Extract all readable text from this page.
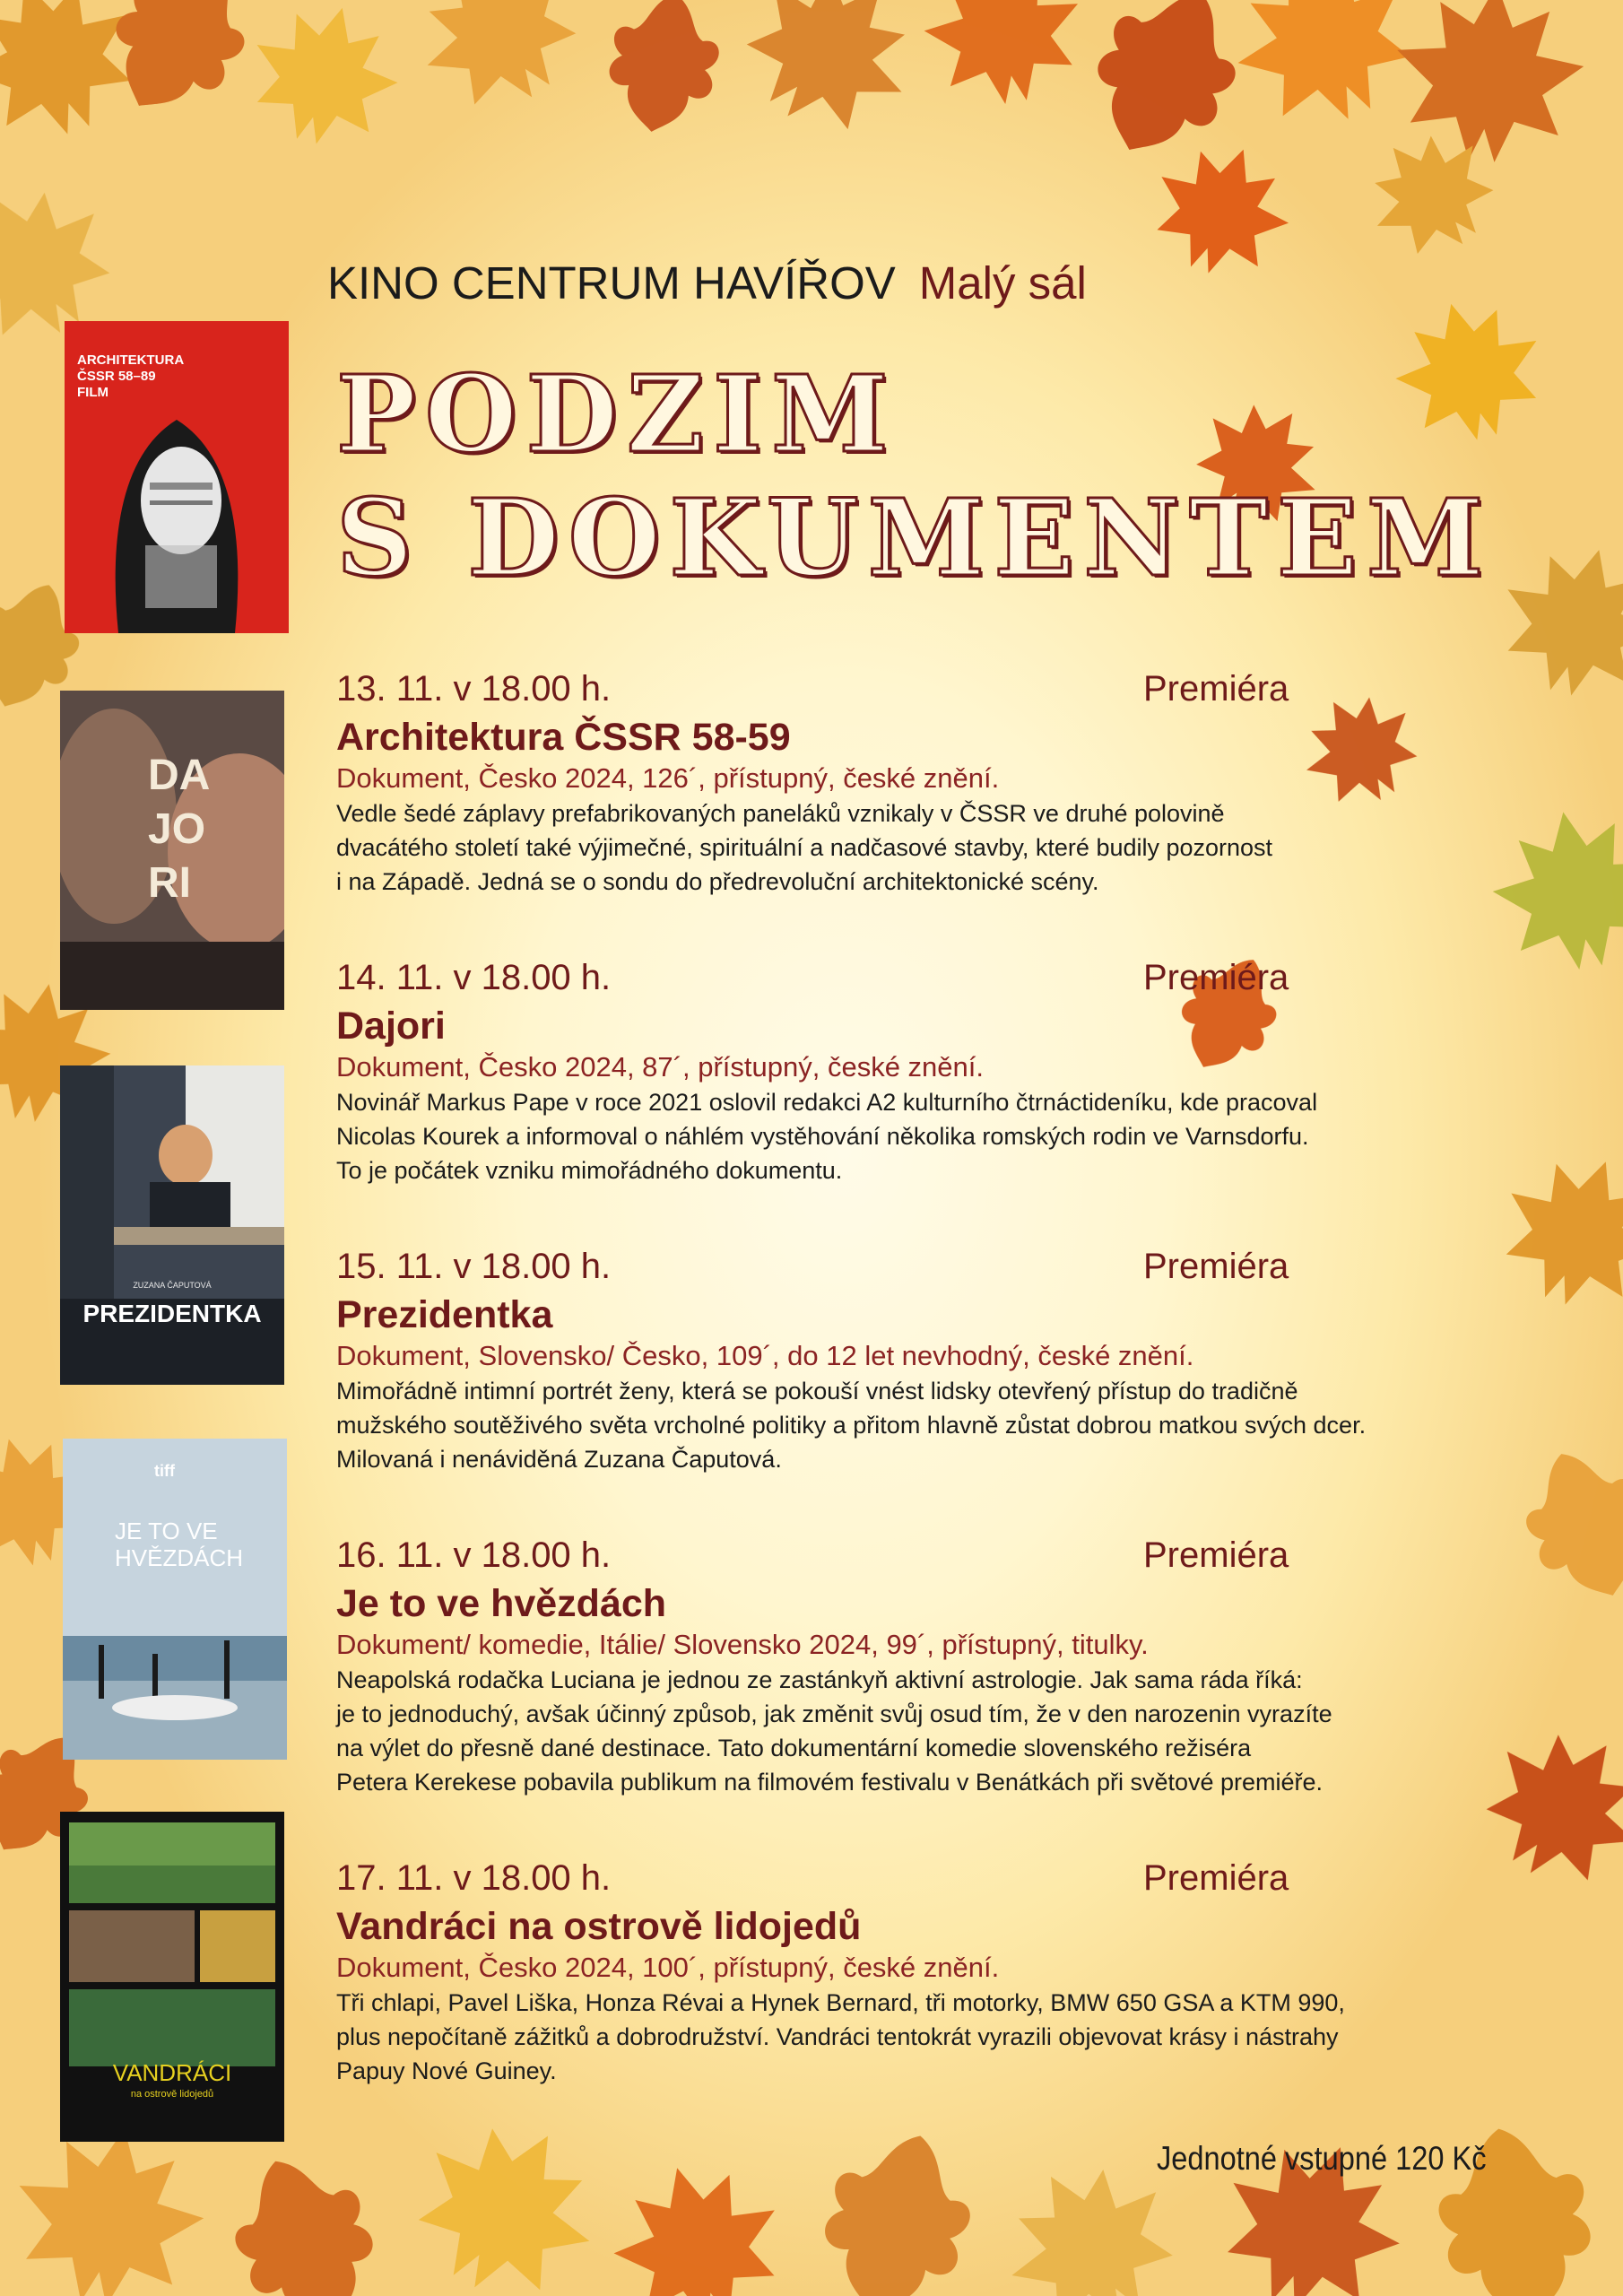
KINO CENTRUM HAVÍŘOV Malý sál
PODZIM
S DOKUMENTEM
ARCHITEKTURA
ČSSR 58–89
FILM
DA
JO
RI
ZUZANA ČAPUTOVÁ
PREZIDENTKA
tiff
JE TO VE
HVĚZDÁCH
VANDRÁCI
na ostrově lidojedů
13. 11. v 18.00 h.	Premiéra
Architektura ČSSR 58-59
Dokument, Česko 2024, 126´, přístupný, české znění.
Vedle šedé záplavy prefabrikovaných paneláků vznikaly v ČSSR ve druhé polovině
dvacátého století také výjimečné, spirituální a nadčasové stavby, které budily pozornost
i na Západě. Jedná se o sondu do předrevoluční architektonické scény.
14. 11. v 18.00 h.	Premiéra
Dajori
Dokument, Česko 2024, 87´, přístupný, české znění.
Novinář Markus Pape v roce 2021 oslovil redakci A2 kulturního čtrnáctideníku, kde pracoval
Nicolas Kourek a informoval o náhlém vystěhování několika romských rodin ve Varnsdorfu.
To je počátek vzniku mimořádného dokumentu.
15. 11. v 18.00 h.	Premiéra
Prezidentka
Dokument, Slovensko/ Česko, 109´, do 12 let nevhodný, české znění.
Mimořádně intimní portrét ženy, která se pokouší vnést lidsky otevřený přístup do tradičně
mužského soutěživého světa vrcholné politiky a přitom hlavně zůstat dobrou matkou svých dcer.
Milovaná i nenáviděná Zuzana Čaputová.
16. 11. v 18.00 h.	Premiéra
Je to ve hvězdách
Dokument/ komedie, Itálie/ Slovensko 2024, 99´, přístupný, titulky.
Neapolská rodačka Luciana je jednou ze zastánkyň aktivní astrologie. Jak sama ráda říká:
je to jednoduchý, avšak účinný způsob, jak změnit svůj osud tím, že v den narozenin vyrazíte
na výlet do přesně dané destinace. Tato dokumentární komedie slovenského režiséra
Petera Kerekese pobavila publikum na filmovém festivalu v Benátkách při světové premiéře.
17. 11. v 18.00 h.	Premiéra
Vandráci na ostrově lidojedů
Dokument, Česko 2024, 100´, přístupný, české znění.
Tři chlapi, Pavel Liška, Honza Révai a Hynek Bernard, tři motorky, BMW 650 GSA a KTM 990,
plus nepočítaně zážitků a dobrodružství. Vandráci tentokrát vyrazili objevovat krásy i nástrahy
Papuy Nové Guiney.
Jednotné vstupné 120 Kč
